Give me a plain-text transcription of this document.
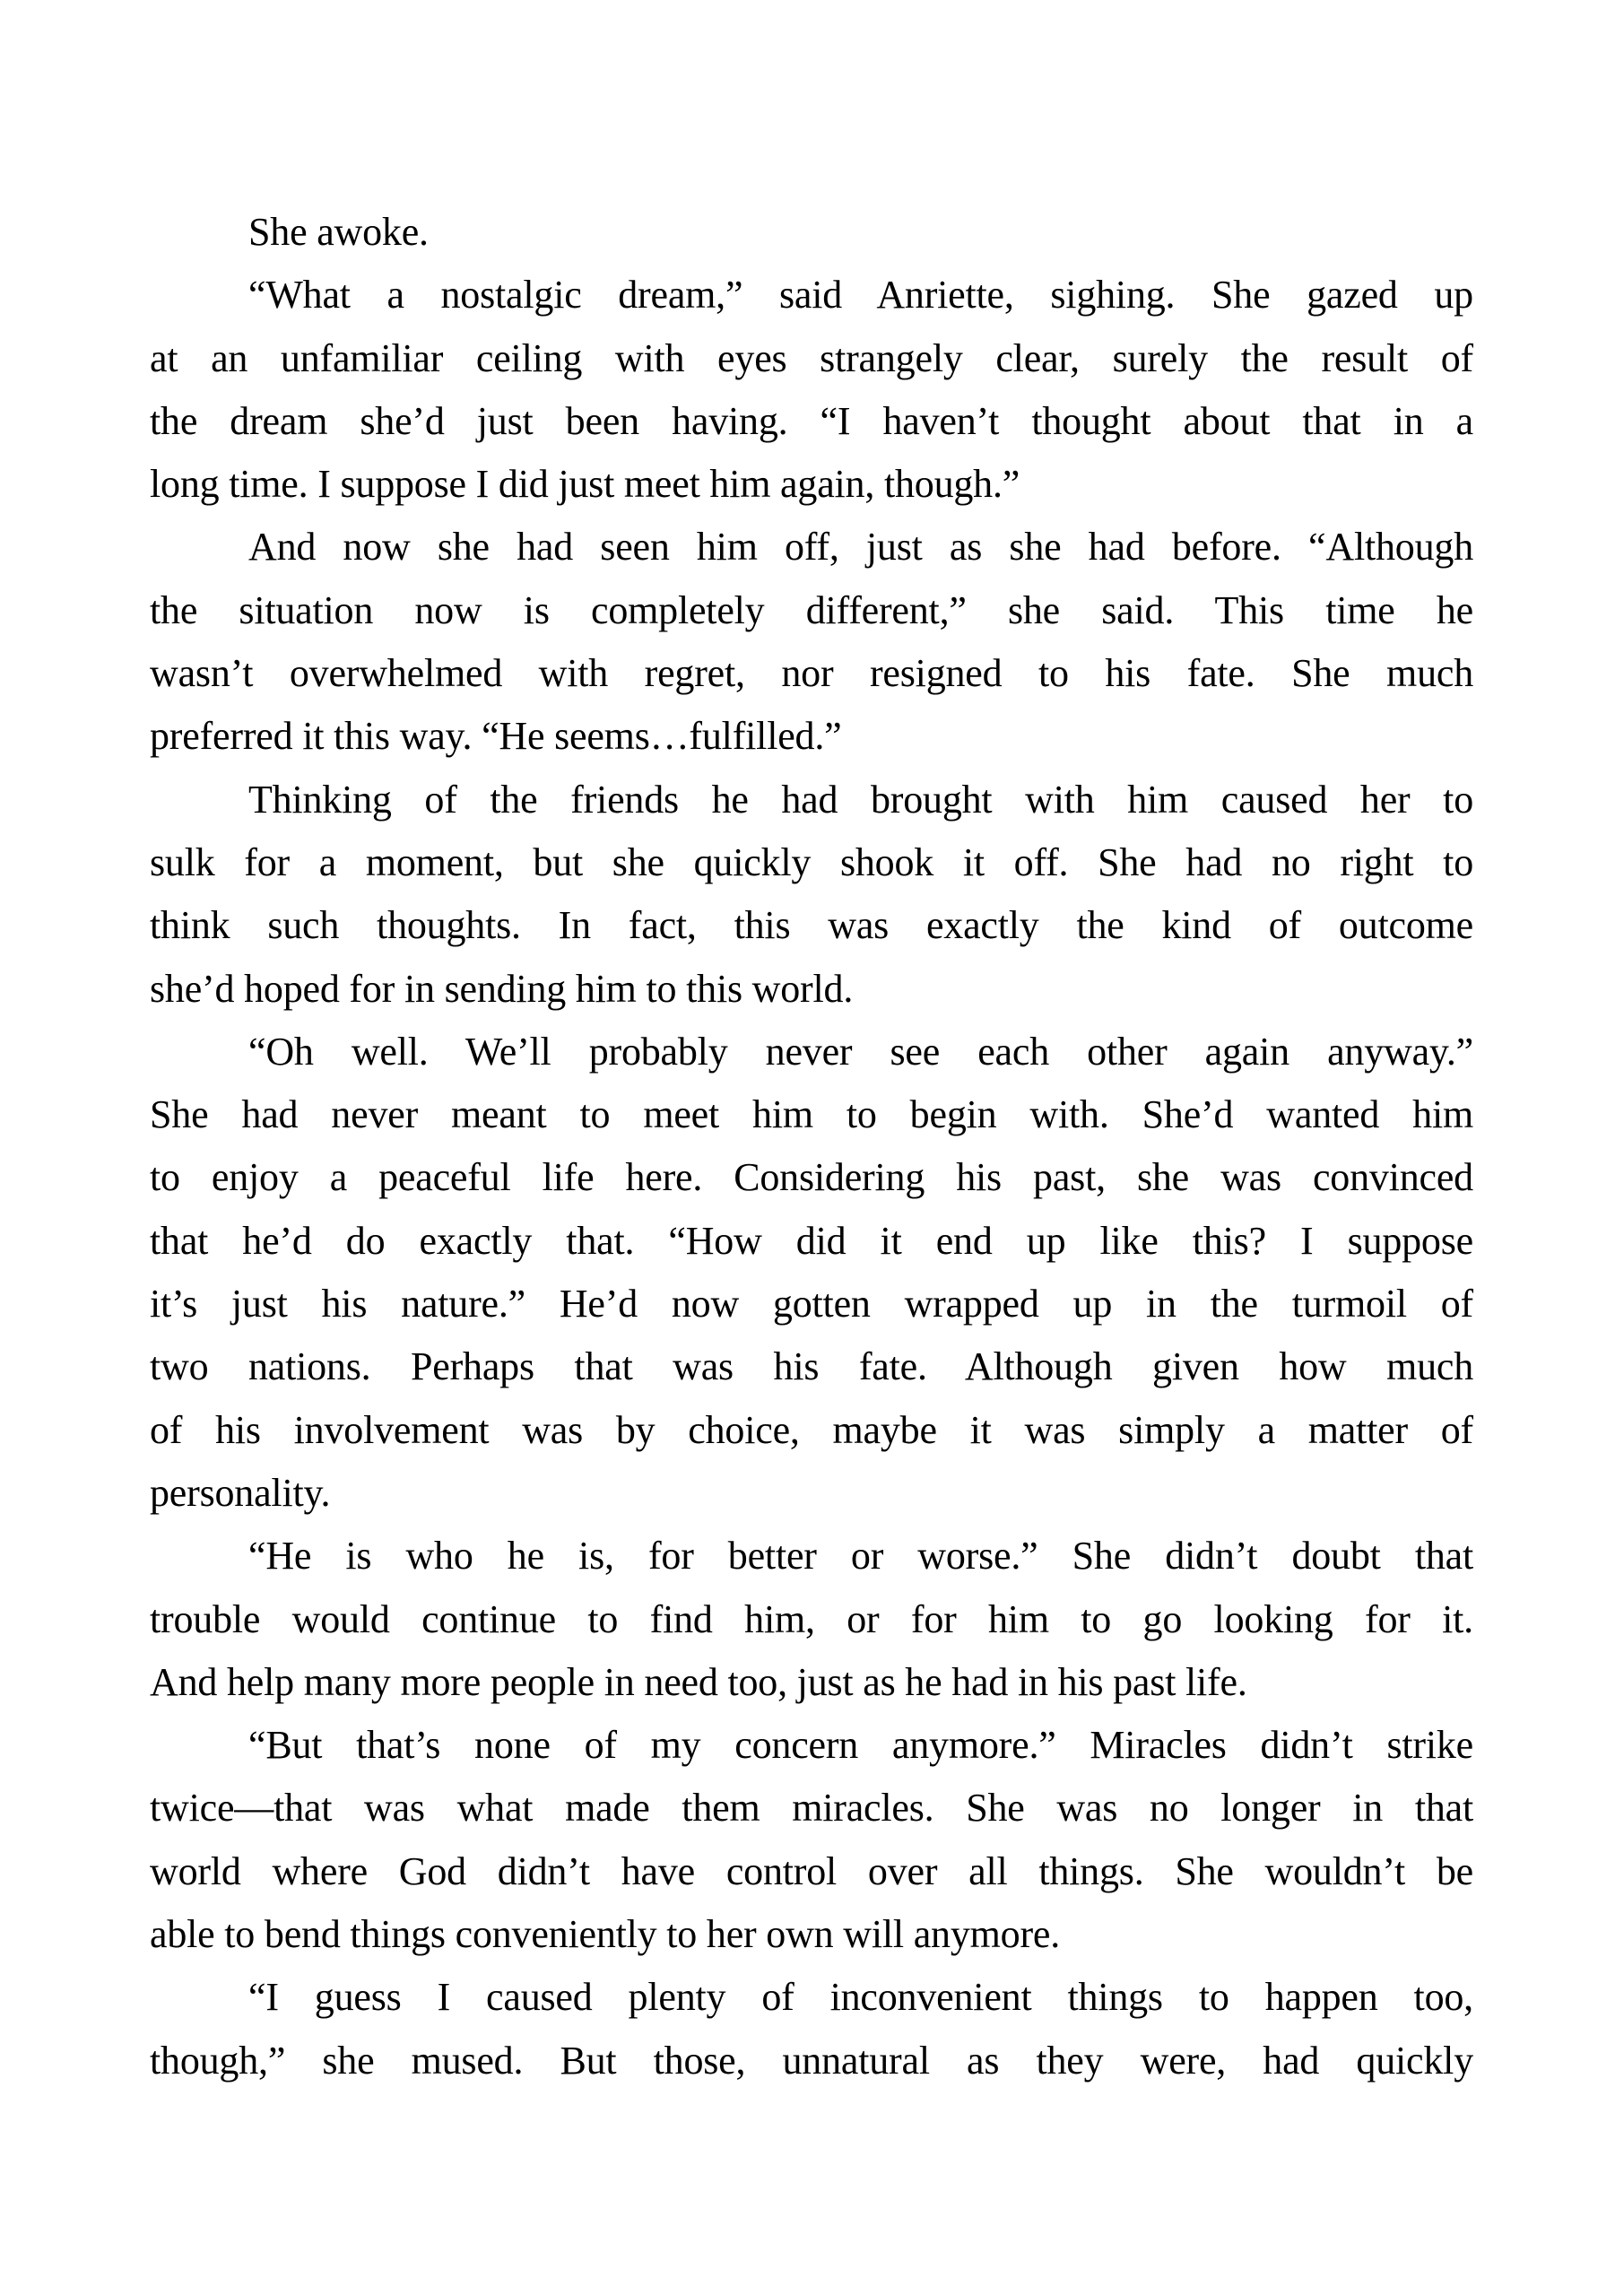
She awoke.
“What a nostalgic dream,” said Anriette, sighing. She gazed up
at an unfamiliar ceiling with eyes strangely clear, surely the result of
the dream she’d just been having. “I haven’t thought about that in a
long time. I suppose I did just meet him again, though.”
And now she had seen him off, just as she had before. “Although
the situation now is completely different,” she said. This time he
wasn’t overwhelmed with regret, nor resigned to his fate. She much
preferred it this way. “He seems…fulfilled.”
Thinking of the friends he had brought with him caused her to
sulk for a moment, but she quickly shook it off. She had no right to
think such thoughts. In fact, this was exactly the kind of outcome
she’d hoped for in sending him to this world.
“Oh well. We’ll probably never see each other again anyway.”
She had never meant to meet him to begin with. She’d wanted him
to enjoy a peaceful life here. Considering his past, she was convinced
that he’d do exactly that. “How did it end up like this? I suppose
it’s just his nature.” He’d now gotten wrapped up in the turmoil of
two nations. Perhaps that was his fate. Although given how much
of his involvement was by choice, maybe it was simply a matter of
personality.
“He is who he is, for better or worse.” She didn’t doubt that
trouble would continue to find him, or for him to go looking for it.
And help many more people in need too, just as he had in his past life.
“But that’s none of my concern anymore.” Miracles didn’t strike
twice—that was what made them miracles. She was no longer in that
world where God didn’t have control over all things. She wouldn’t be
able to bend things conveniently to her own will anymore.
“I guess I caused plenty of inconvenient things to happen too,
though,” she mused. But those, unnatural as they were, had quickly
